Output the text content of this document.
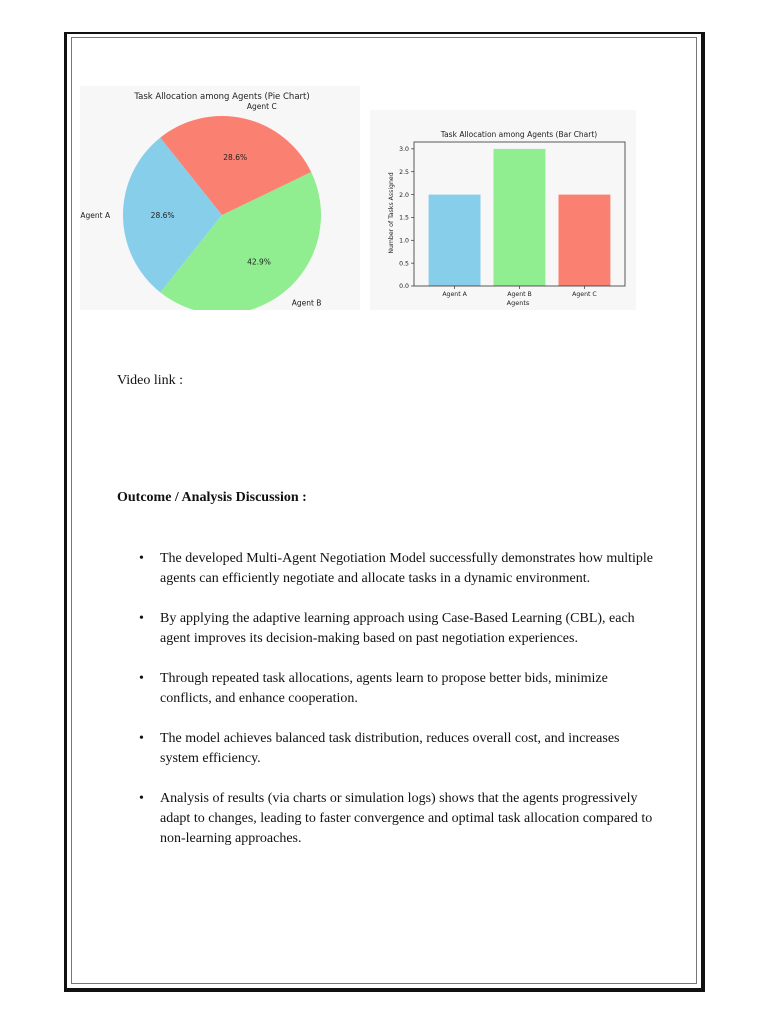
Task Allocation among Agents (Pie Chart)
28.6%
Agent A
42.9%
Agent B
28.6%
Agent C
Task Allocation among Agents (Bar Chart)
Agent A	Agent B	Agent C
0.0
0.5
1.0
1.5
2.0
2.5
3.0
Agents
Number of Tasks Assigned
Video link :
Outcome / Analysis Discussion :
• The developed Multi-Agent Negotiation Model successfully demonstrates how multiple agents can efficiently negotiate and allocate tasks in a dynamic environment.
• By applying the adaptive learning approach using Case-Based Learning (CBL), each agent improves its decision-making based on past negotiation experiences.
• Through repeated task allocations, agents learn to propose better bids, minimize conflicts, and enhance cooperation.
• The model achieves balanced task distribution, reduces overall cost, and increases system efficiency.
• Analysis of results (via charts or simulation logs) shows that the agents progressively adapt to changes, leading to faster convergence and optimal task allocation compared to non-learning approaches.
